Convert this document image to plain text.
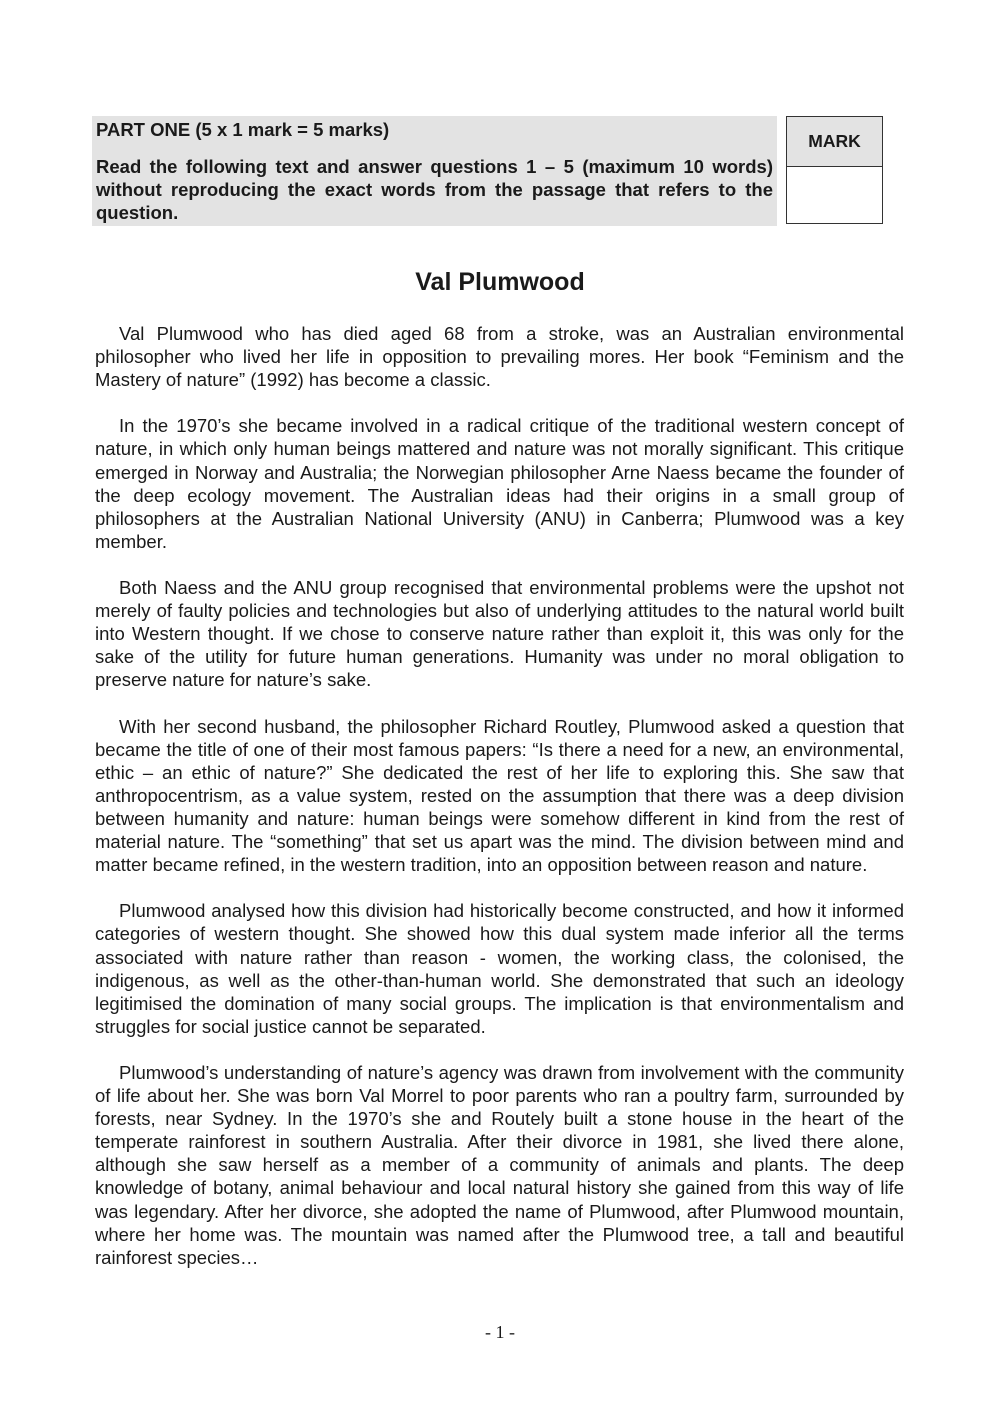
PART ONE (5 x 1 mark = 5 marks)

Read the following text and answer questions 1 – 5 (maximum 10 words) without reproducing the exact words from the passage that refers to the question.

MARK
Val Plumwood

Val Plumwood who has died aged 68 from a stroke, was an Australian environmental philosopher who lived her life in opposition to prevailing mores. Her book “Feminism and the Mastery of nature” (1992) has become a classic.

In the 1970’s she became involved in a radical critique of the traditional western concept of nature, in which only human beings mattered and nature was not morally significant. This critique emerged in Norway and Australia; the Norwegian philosopher Arne Naess became the founder of the deep ecology movement. The Australian ideas had their origins in a small group of philosophers at the Australian National University (ANU) in Canberra; Plumwood was a key member.

Both Naess and the ANU group recognised that environmental problems were the upshot not merely of faulty policies and technologies but also of underlying attitudes to the natural world built into Western thought. If we chose to conserve nature rather than exploit it, this was only for the sake of the utility for future human generations. Humanity was under no moral obligation to preserve nature for nature’s sake.

With her second husband, the philosopher Richard Routley, Plumwood asked a question that became the title of one of their most famous papers: “Is there a need for a new, an environmental, ethic – an ethic of nature?” She dedicated the rest of her life to exploring this. She saw that anthropocentrism, as a value system, rested on the assumption that there was a deep division between humanity and nature: human beings were somehow different in kind from the rest of material nature. The “something” that set us apart was the mind. The division between mind and matter became refined, in the western tradition, into an opposition between reason and nature.

Plumwood analysed how this division had historically become constructed, and how it informed categories of western thought. She showed how this dual system made inferior all the terms associated with nature rather than reason - women, the working class, the colonised, the indigenous, as well as the other-than-human world. She demonstrated that such an ideology legitimised the domination of many social groups. The implication is that environmentalism and struggles for social justice cannot be separated.

Plumwood’s understanding of nature’s agency was drawn from involvement with the community of life about her. She was born Val Morrel to poor parents who ran a poultry farm, surrounded by forests, near Sydney. In the 1970’s she and Routely built a stone house in the heart of the temperate rainforest in southern Australia. After their divorce in 1981, she lived there alone, although she saw herself as a member of a community of animals and plants. The deep knowledge of botany, animal behaviour and local natural history she gained from this way of life was legendary. After her divorce, she adopted the name of Plumwood, after Plumwood mountain, where her home was. The mountain was named after the Plumwood tree, a tall and beautiful rainforest species…

- 1 -
